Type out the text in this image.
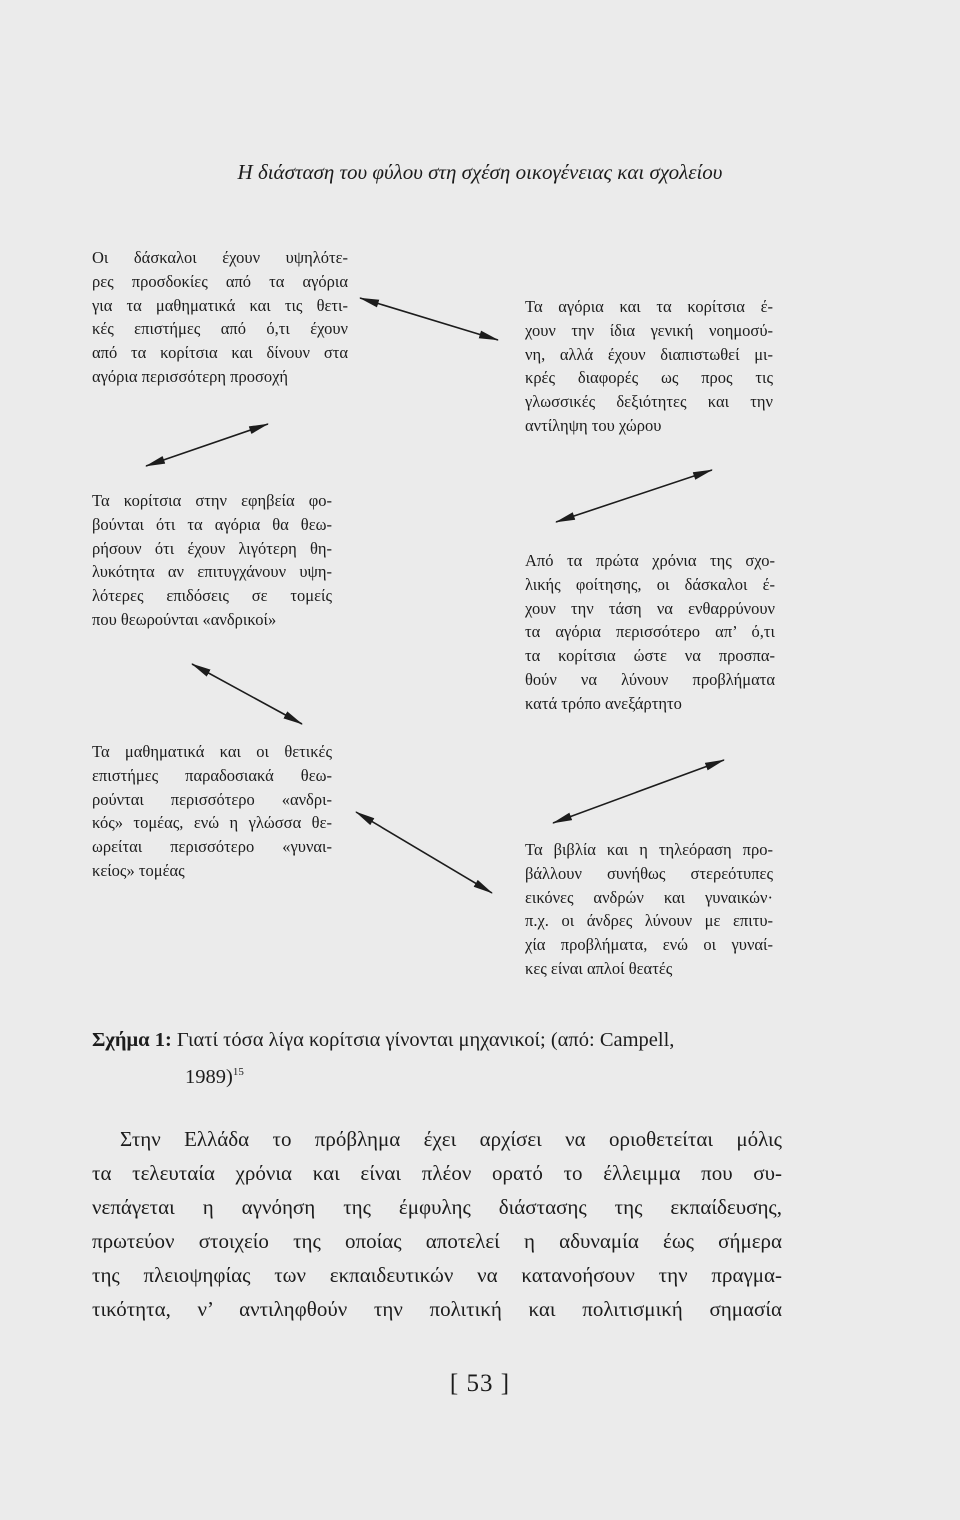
Η διάσταση του φύλου στη σχέση οικογένειας και σχολείου
Οι δάσκαλοι έχουν υψηλότε-
ρες προσδοκίες από τα αγόρια
για τα μαθηματικά και τις θετι-
κές επιστήμες από ό,τι έχουν
από τα κορίτσια και δίνουν στα
αγόρια περισσότερη προσοχή
Τα κορίτσια στην εφηβεία φο-
βούνται ότι τα αγόρια θα θεω-
ρήσουν ότι έχουν λιγότερη θη-
λυκότητα αν επιτυγχάνουν υψη-
λότερες επιδόσεις σε τομείς
που θεωρούνται «ανδρικοί»
Τα μαθηματικά και οι θετικές
επιστήμες παραδοσιακά θεω-
ρούνται περισσότερο «ανδρι-
κός» τομέας, ενώ η γλώσσα θε-
ωρείται περισσότερο «γυναι-
κείος» τομέας
Τα αγόρια και τα κορίτσια έ-
χουν την ίδια γενική νοημοσύ-
νη, αλλά έχουν διαπιστωθεί μι-
κρές διαφορές ως προς τις
γλωσσικές δεξιότητες και την
αντίληψη του χώρου
Από τα πρώτα χρόνια της σχο-
λικής φοίτησης, οι δάσκαλοι έ-
χουν την τάση να ενθαρρύνουν
τα αγόρια περισσότερο απ’ ό,τι
τα κορίτσια ώστε να προσπα-
θούν να λύνουν προβλήματα
κατά τρόπο ανεξάρτητο
Τα βιβλία και η τηλεόραση προ-
βάλλουν συνήθως στερεότυπες
εικόνες ανδρών και γυναικών·
π.χ. οι άνδρες λύνουν με επιτυ-
χία προβλήματα, ενώ οι γυναί-
κες είναι απλοί θεατές
Σχήμα 1: Γιατί τόσα λίγα κορίτσια γίνονται μηχανικοί; (από: Campell,
1989)$^{15}$
Στην Ελλάδα το πρόβλημα έχει αρχίσει να οριοθετείται μόλις
τα τελευταία χρόνια και είναι πλέον ορατό το έλλειμμα που συ-
νεπάγεται η αγνόηση της έμφυλης διάστασης της εκπαίδευσης,
πρωτεύον στοιχείο της οποίας αποτελεί η αδυναμία έως σήμερα
της πλειοψηφίας των εκπαιδευτικών να κατανοήσουν την πραγμα-
τικότητα, ν’ αντιληφθούν την πολιτική και πολιτισμική σημασία
[ 53 ]
